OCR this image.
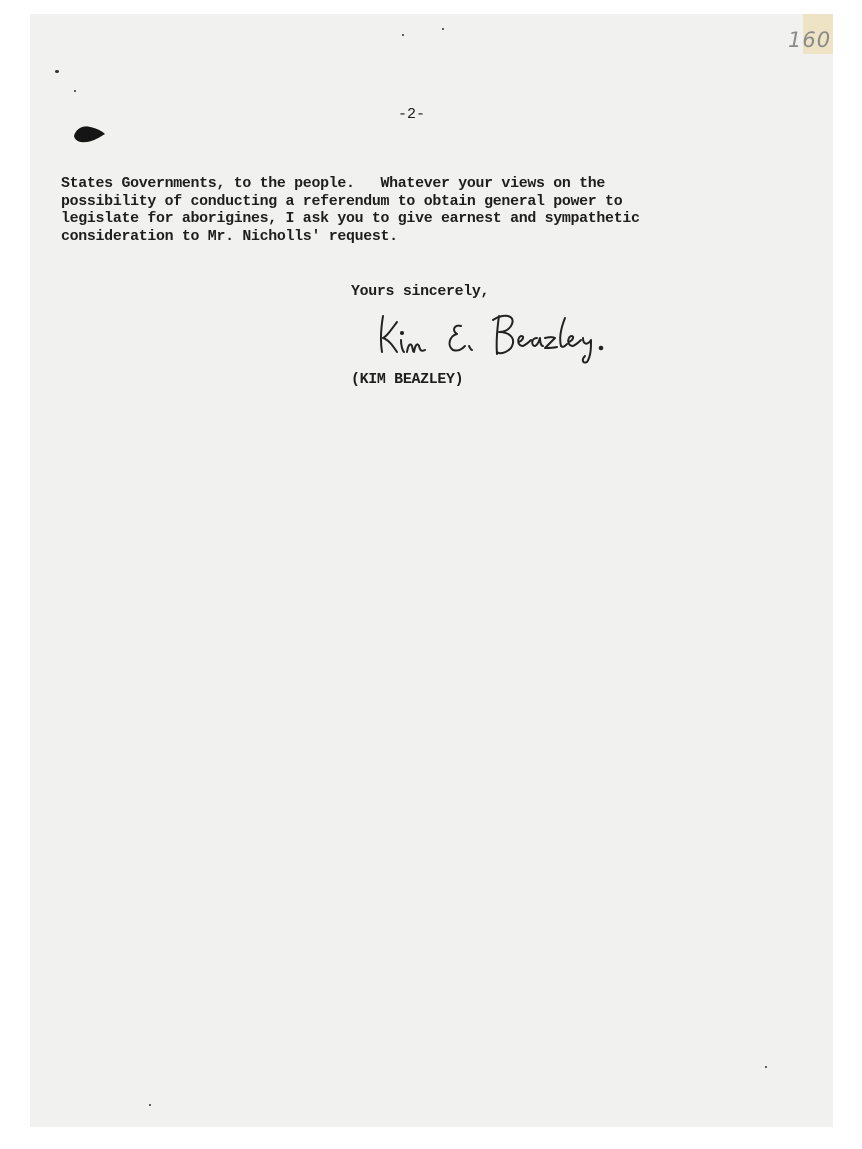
160
-2-
States Governments, to the people.   Whatever your views on the
possibility of conducting a referendum to obtain general power to
legislate for aborigines, I ask you to give earnest and sympathetic
consideration to Mr. Nicholls' request.
Yours sincerely,
(KIM BEAZLEY)
